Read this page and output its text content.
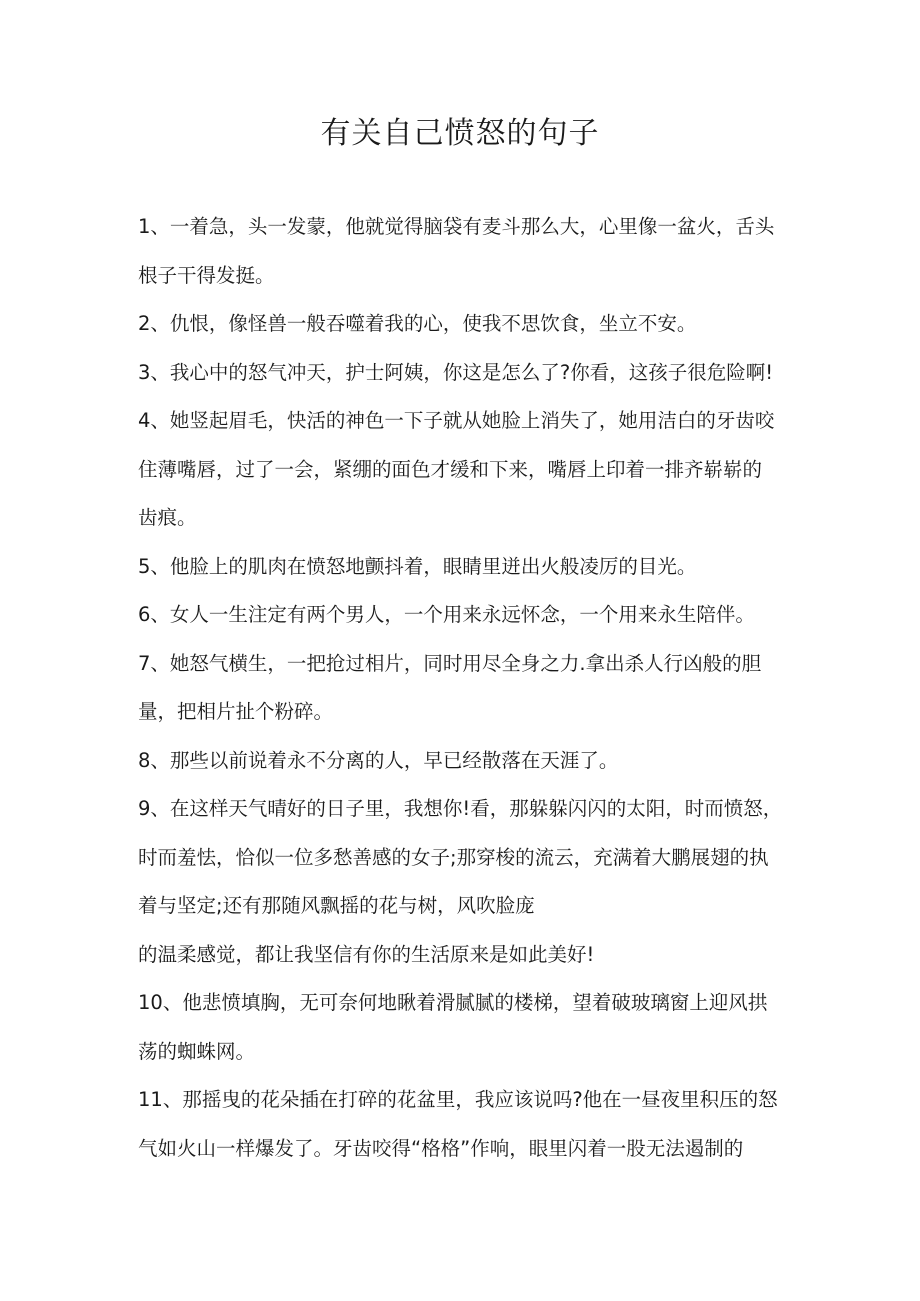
有关自己愤怒的句子
1、一着急，头一发蒙，他就觉得脑袋有麦斗那么大，心里像一盆火，舌头
根子干得发挺。
2、仇恨，像怪兽一般吞噬着我的心，使我不思饮食，坐立不安。
3、我心中的怒气冲天，护士阿姨，你这是怎么了?你看，这孩子很危险啊!
4、她竖起眉毛，快活的神色一下子就从她脸上消失了，她用洁白的牙齿咬
住薄嘴唇，过了一会，紧绷的面色才缓和下来，嘴唇上印着一排齐崭崭的
齿痕。
5、他脸上的肌肉在愤怒地颤抖着，眼睛里迸出火般凌厉的目光。
6、女人一生注定有两个男人，一个用来永远怀念，一个用来永生陪伴。
7、她怒气横生，一把抢过相片，同时用尽全身之力.拿出杀人行凶般的胆
量，把相片扯个粉碎。
8、那些以前说着永不分离的人，早已经散落在天涯了。
9、在这样天气晴好的日子里，我想你!看，那躲躲闪闪的太阳，时而愤怒，
时而羞怯，恰似一位多愁善感的女子;那穿梭的流云，充满着大鹏展翅的执
着与坚定;还有那随风飘摇的花与树，风吹脸庞
的温柔感觉，都让我坚信有你的生活原来是如此美好!
10、他悲愤填胸，无可奈何地瞅着滑腻腻的楼梯，望着破玻璃窗上迎风拱
荡的蜘蛛网。
11、那摇曳的花朵插在打碎的花盆里，我应该说吗?他在一昼夜里积压的怒
气如火山一样爆发了。牙齿咬得“格格”作响，眼里闪着一股无法遏制的
